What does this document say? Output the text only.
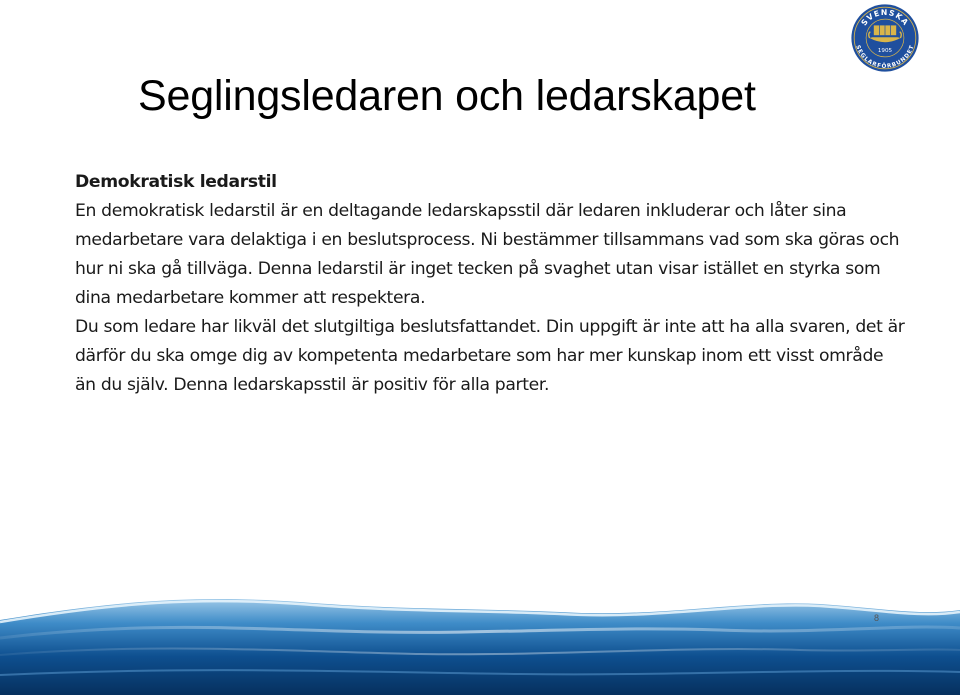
SVENSKA
SEGLARFÖRBUNDET
1905
Seglingsledaren och ledarskapet

Demokratisk ledarstil

En demokratisk ledarstil är en deltagande ledarskapsstil där ledaren inkluderar och låter sina medarbetare vara delaktiga i en beslutsprocess. Ni bestämmer tillsammans vad som ska göras och hur ni ska gå tillväga. Denna ledarstil är inget tecken på svaghet utan visar istället en styrka som dina medarbetare kommer att respektera.

Du som ledare har likväl det slutgiltiga beslutsfattandet. Din uppgift är inte att ha alla svaren, det är därför du ska omge dig av kompetenta medarbetare som har mer kunskap inom ett visst område än du själv. Denna ledarskapsstil är positiv för alla parter.

8
